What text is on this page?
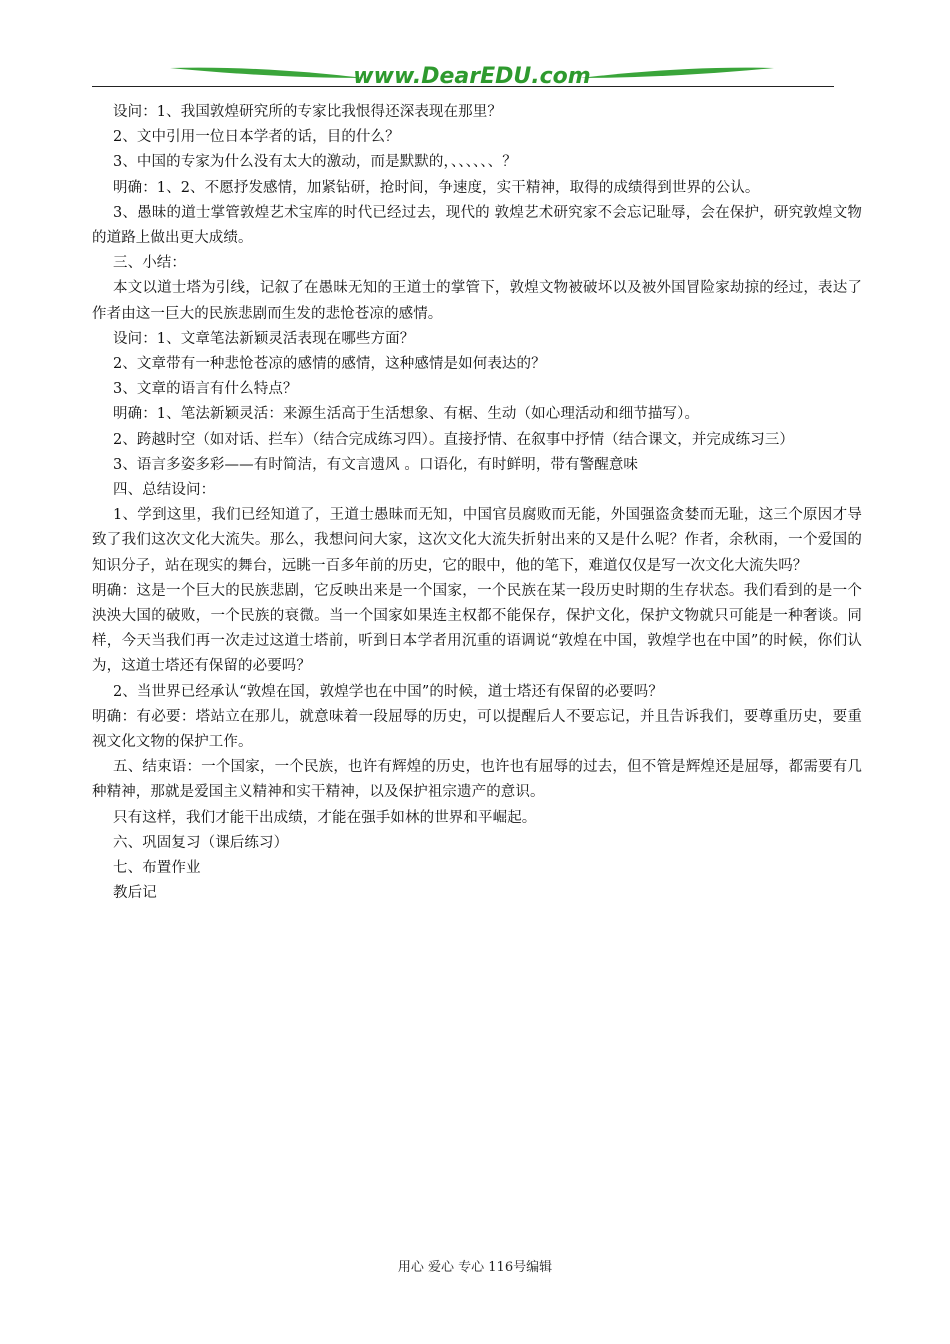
www.DearEDU.com

设问：1、我国敦煌研究所的专家比我恨得还深表现在那里？

2、文中引用一位日本学者的话，目的什么？

3、中国的专家为什么没有太大的激动，而是默默的，、、、、、、？

明确：1、2、不愿抒发感情，加紧钻研，抢时间，争速度，实干精神，取得的成绩得到世界的公认。

3、愚昧的道士掌管敦煌艺术宝库的时代已经过去，现代的 敦煌艺术研究家不会忘记耻辱，会在保护，研究敦煌文物的道路上做出更大成绩。

三、小结：

本文以道士塔为引线，记叙了在愚昧无知的王道士的掌管下，敦煌文物被破坏以及被外国冒险家劫掠的经过，表达了作者由这一巨大的民族悲剧而生发的悲怆苍凉的感情。

设问：1、文章笔法新颖灵活表现在哪些方面？

2、文章带有一种悲怆苍凉的感情的感情，这种感情是如何表达的？

3、文章的语言有什么特点？

明确：1、笔法新颖灵活：来源生活高于生活想象、有椐、生动（如心理活动和细节描写）。

2、跨越时空（如对话、拦车）（结合完成练习四）。直接抒情、在叙事中抒情（结合课文，并完成练习三）

3、语言多姿多彩——有时简洁，有文言遗风 。口语化，有时鲜明，带有警醒意味

四、总结设问：

1、学到这里，我们已经知道了，王道士愚昧而无知，中国官员腐败而无能，外国强盗贪婪而无耻，这三个原因才导致了我们这次文化大流失。那么，我想问问大家，这次文化大流失折射出来的又是什么呢？作者，余秋雨，一个爱国的知识分子，站在现实的舞台，远眺一百多年前的历史，它的眼中，他的笔下，难道仅仅是写一次文化大流失吗？

明确：这是一个巨大的民族悲剧，它反映出来是一个国家，一个民族在某一段历史时期的生存状态。我们看到的是一个泱泱大国的破败，一个民族的衰微。当一个国家如果连主权都不能保存，保护文化，保护文物就只可能是一种奢谈。同样，今天当我们再一次走过这道士塔前，听到日本学者用沉重的语调说“敦煌在中国，敦煌学也在中国”的时候，你们认为，这道士塔还有保留的必要吗？

2、当世界已经承认“敦煌在国，敦煌学也在中国”的时候，道士塔还有保留的必要吗？

明确：有必要：塔站立在那儿，就意味着一段屈辱的历史，可以提醒后人不要忘记，并且告诉我们，要尊重历史，要重视文化文物的保护工作。

五、结束语：一个国家，一个民族，也许有辉煌的历史，也许也有屈辱的过去，但不管是辉煌还是屈辱，都需要有几种精神，那就是爱国主义精神和实干精神，以及保护祖宗遗产的意识。

只有这样，我们才能干出成绩，才能在强手如林的世界和平崛起。

六、巩固复习（课后练习）

七、布置作业

教后记

用心 爱心 专心 116号编辑
